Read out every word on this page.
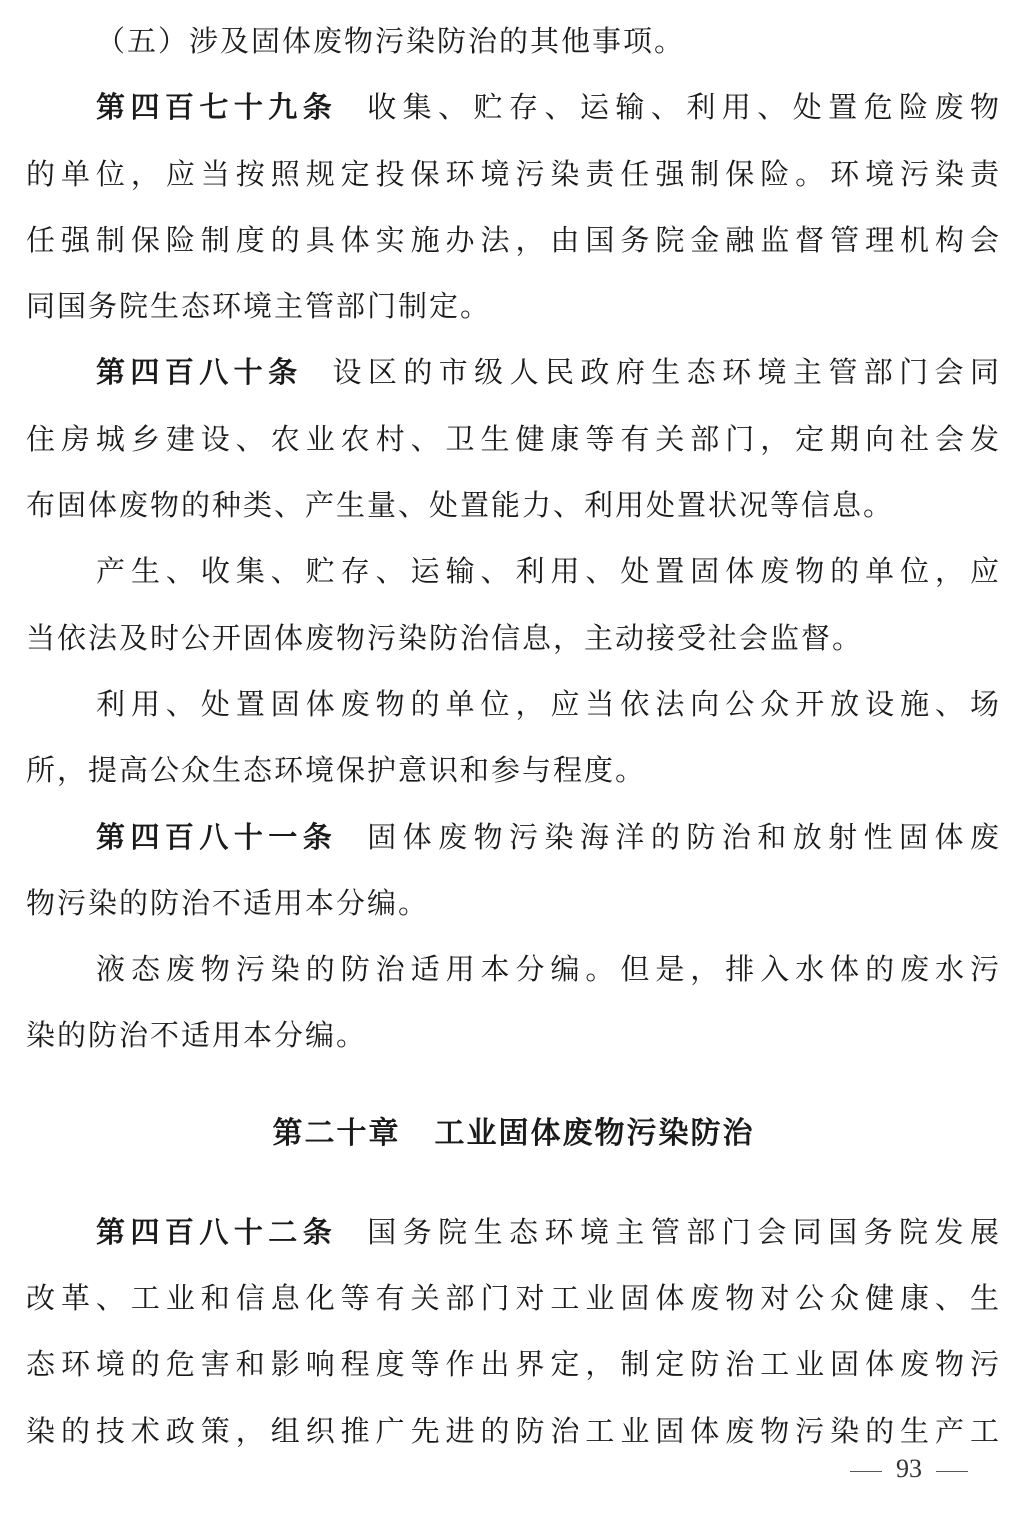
（五）涉及固体废物污染防治的其他事项。
第四百七十九条 收集、贮存、运输、利用、处置危险废物
的单位，应当按照规定投保环境污染责任强制保险。环境污染责
任强制保险制度的具体实施办法，由国务院金融监督管理机构会
同国务院生态环境主管部门制定。
第四百八十条 设区的市级人民政府生态环境主管部门会同
住房城乡建设、农业农村、卫生健康等有关部门，定期向社会发
布固体废物的种类、产生量、处置能力、利用处置状况等信息。
产生、收集、贮存、运输、利用、处置固体废物的单位，应
当依法及时公开固体废物污染防治信息，主动接受社会监督。
利用、处置固体废物的单位，应当依法向公众开放设施、场
所，提高公众生态环境保护意识和参与程度。
第四百八十一条 固体废物污染海洋的防治和放射性固体废
物污染的防治不适用本分编。
液态废物污染的防治适用本分编。但是，排入水体的废水污
染的防治不适用本分编。
第二十章 工业固体废物污染防治
第四百八十二条 国务院生态环境主管部门会同国务院发展
改革、工业和信息化等有关部门对工业固体废物对公众健康、生
态环境的危害和影响程度等作出界定，制定防治工业固体废物污
染的技术政策，组织推广先进的防治工业固体废物污染的生产工
93
